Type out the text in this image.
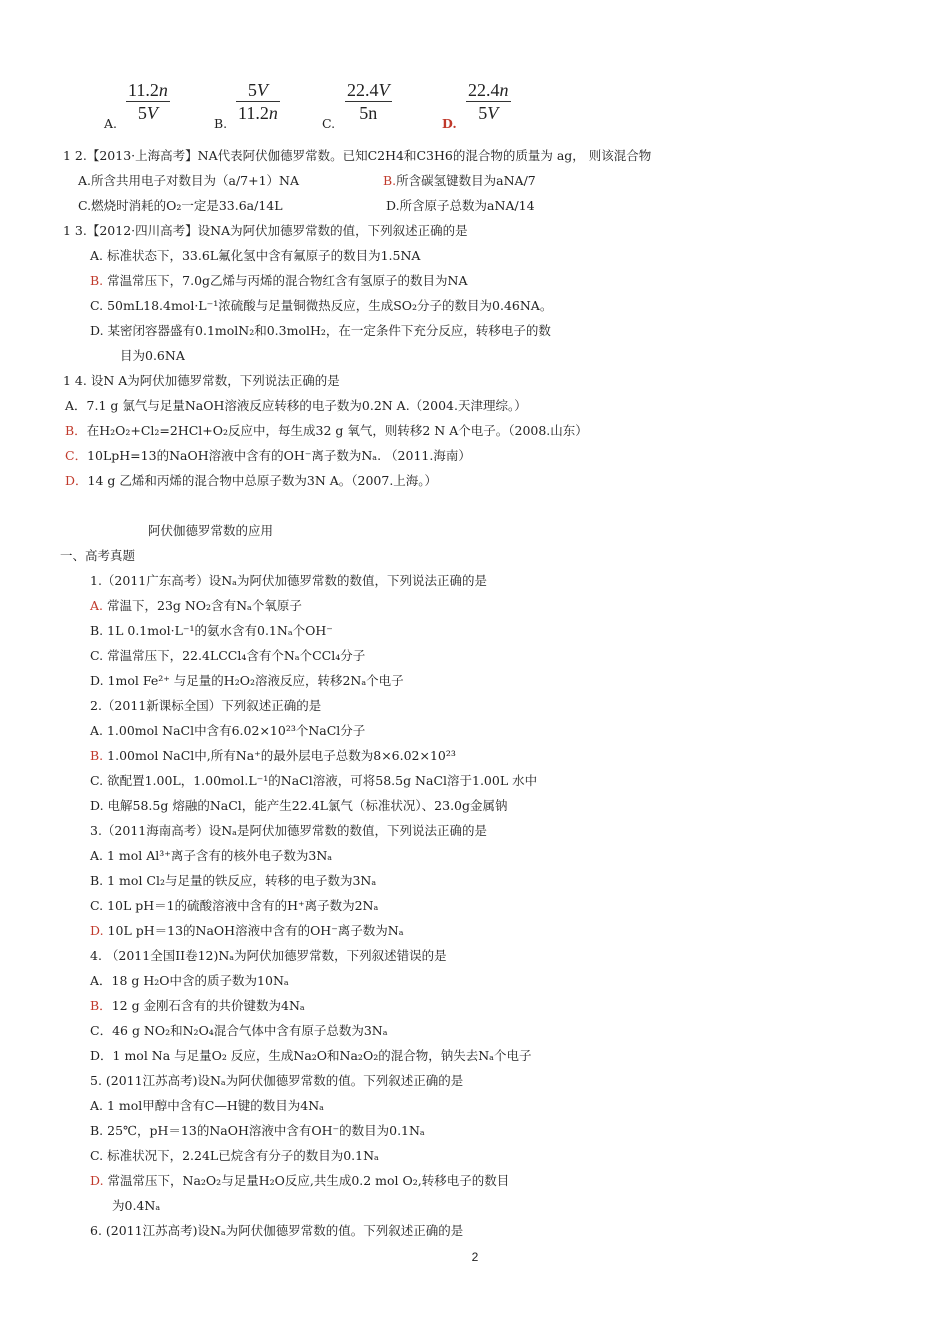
A. $\frac{11.2n}{5V}$	B. $\frac{5V}{11.2n}$	C. $\frac{22.4V}{5n}$	D. $\frac{22.4n}{5V}$
1 2.【2013·上海高考】NA代表阿伏伽德罗常数。已知C2H4和C3H6的混合物的质量为 ag， 则该混合物
A.所含共用电子对数目为（a/7+1）NA	B.所含碳氢键数目为aNA/7
C.燃烧时消耗的O₂一定是33.6a/14L	D.所含原子总数为aNA/14
1 3.【2012·四川高考】设NA为阿伏加德罗常数的值，下列叙述正确的是
A. 标准状态下，33.6L氟化氢中含有氟原子的数目为1.5NA
B. 常温常压下，7.0g乙烯与丙烯的混合物红含有氢原子的数目为NA
C. 50mL18.4mol·L⁻¹浓硫酸与足量铜微热反应，生成SO₂分子的数目为0.46NA。
D. 某密闭容器盛有0.1molN₂和0.3molH₂，在一定条件下充分反应，转移电子的数
目为0.6NA
1 4. 设N A为阿伏加德罗常数，下列说法正确的是
A．7.1 g 氯气与足量NaOH溶液反应转移的电子数为0.2N A.（2004.天津理综。）
B．在H₂O₂+Cl₂=2HCl+O₂反应中，每生成32 g 氧气，则转移2 N A个电子。（2008.山东）
C．10LpH=13的NaOH溶液中含有的OH⁻离子数为Nₐ. （2011.海南）
D．14 g 乙烯和丙烯的混合物中总原子数为3N A。（2007.上海。）
阿伏伽德罗常数的应用
一、高考真题
1.（2011广东高考）设Nₐ为阿伏加德罗常数的数值，下列说法正确的是
A. 常温下，23g NO₂含有Nₐ个氧原子
B. 1L 0.1mol·L⁻¹的氨水含有0.1Nₐ个OH⁻
C. 常温常压下，22.4LCCl₄含有个Nₐ个CCl₄分子
D. 1mol Fe²⁺ 与足量的H₂O₂溶液反应，转移2Nₐ个电子
2.（2011新课标全国）下列叙述正确的是
A. 1.00mol NaCl中含有6.02×10²³个NaCl分子
B. 1.00mol NaCl中,所有Na⁺的最外层电子总数为8×6.02×10²³
C. 欲配置1.00L，1.00mol.L⁻¹的NaCl溶液，可将58.5g NaCl溶于1.00L 水中
D. 电解58.5g 熔融的NaCl，能产生22.4L氯气（标准状况）、23.0g金属钠
3.（2011海南高考）设Nₐ是阿伏加德罗常数的数值，下列说法正确的是
A. 1 mol Al³⁺离子含有的核外电子数为3Nₐ
B. 1 mol Cl₂与足量的铁反应，转移的电子数为3Nₐ
C. 10L pH＝1的硫酸溶液中含有的H⁺离子数为2Nₐ
D. 10L pH＝13的NaOH溶液中含有的OH⁻离子数为Nₐ
4. （2011全国II卷12)Nₐ为阿伏加德罗常数，下列叙述错误的是
A．18 g H₂O中含的质子数为10Nₐ
B．12 g 金刚石含有的共价键数为4Nₐ
C．46 g NO₂和N₂O₄混合气体中含有原子总数为3Nₐ
D．1 mol Na 与足量O₂ 反应，生成Na₂O和Na₂O₂的混合物，钠失去Nₐ个电子
5. (2011江苏高考)设Nₐ为阿伏伽德罗常数的值。下列叙述正确的是
A. 1 mol甲醇中含有C—H键的数目为4Nₐ
B. 25℃，pH＝13的NaOH溶液中含有OH⁻的数目为0.1Nₐ
C. 标准状况下，2.24L已烷含有分子的数目为0.1Nₐ
D. 常温常压下，Na₂O₂与足量H₂O反应,共生成0.2 mol O₂,转移电子的数目
为0.4Nₐ
6. (2011江苏高考)设Nₐ为阿伏伽德罗常数的值。下列叙述正确的是
2
